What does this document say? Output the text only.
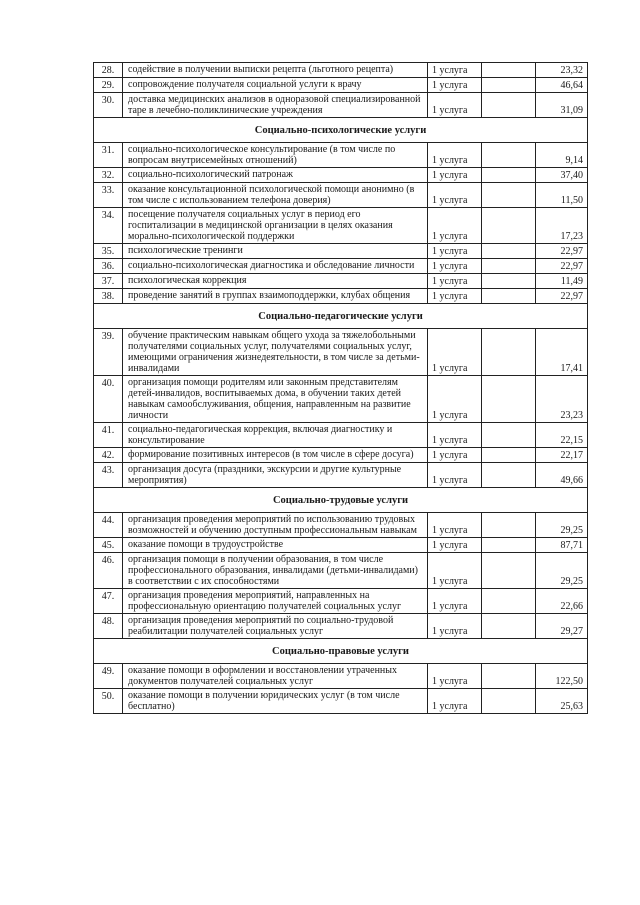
28.	содействие в получении выписки рецепта (льготного рецепта)	1 услуга		23,32
29.	сопровождение получателя социальной услуги к врачу	1 услуга		46,64
30.	доставка медицинских анализов в одноразовой специализированной таре в лечебно-поликлинические учреждения	1 услуга		31,09
Социально-психологические услуги				
31.	социально-психологическое консультирование (в том числе по вопросам внутрисемейных отношений)	1 услуга		9,14
32.	социально-психологический патронаж	1 услуга		37,40
33.	оказание консультационной психологической помощи анонимно (в том числе с использованием телефона доверия)	1 услуга		11,50
34.	посещение получателя социальных услуг в период его госпитализации в медицинской организации в целях оказания морально-психологической поддержки	1 услуга		17,23
35.	психологические тренинги	1 услуга		22,97
36.	социально-психологическая диагностика и обследование личности	1 услуга		22,97
37.	психологическая коррекция	1 услуга		11,49
38.	проведение занятий в группах взаимоподдержки, клубах общения	1 услуга		22,97
Социально-педагогические услуги				
39.	обучение практическим навыкам общего ухода за тяжелобольными получателями социальных услуг, получателями социальных услуг, имеющими ограничения жизнедеятельности, в том числе за детьми-инвалидами	1 услуга		17,41
40.	организация помощи родителям или законным представителям детей-инвалидов, воспитываемых дома, в обучении таких детей навыкам самообслуживания, общения, направленным на развитие личности	1 услуга		23,23
41.	социально-педагогическая коррекция, включая диагностику и консультирование	1 услуга		22,15
42.	формирование позитивных интересов (в том числе в сфере досуга)	1 услуга		22,17
43.	организация досуга (праздники, экскурсии и другие культурные мероприятия)	1 услуга		49,66
Социально-трудовые услуги				
44.	организация проведения мероприятий по использованию трудовых возможностей и обучению доступным профессиональным навыкам	1 услуга		29,25
45.	оказание помощи в трудоустройстве	1 услуга		87,71
46.	организация помощи в получении образования, в том числе профессионального образования, инвалидами (детьми-инвалидами) в соответствии с их способностями	1 услуга		29,25
47.	организация проведения мероприятий, направленных на профессиональную ориентацию получателей социальных услуг	1 услуга		22,66
48.	организация проведения мероприятий по социально-трудовой реабилитации получателей социальных услуг	1 услуга		29,27
Социально-правовые услуги				
49.	оказание помощи в оформлении и восстановлении утраченных документов получателей социальных услуг	1 услуга		122,50
50.	оказание помощи в получении юридических услуг (в том числе бесплатно)	1 услуга		25,63
